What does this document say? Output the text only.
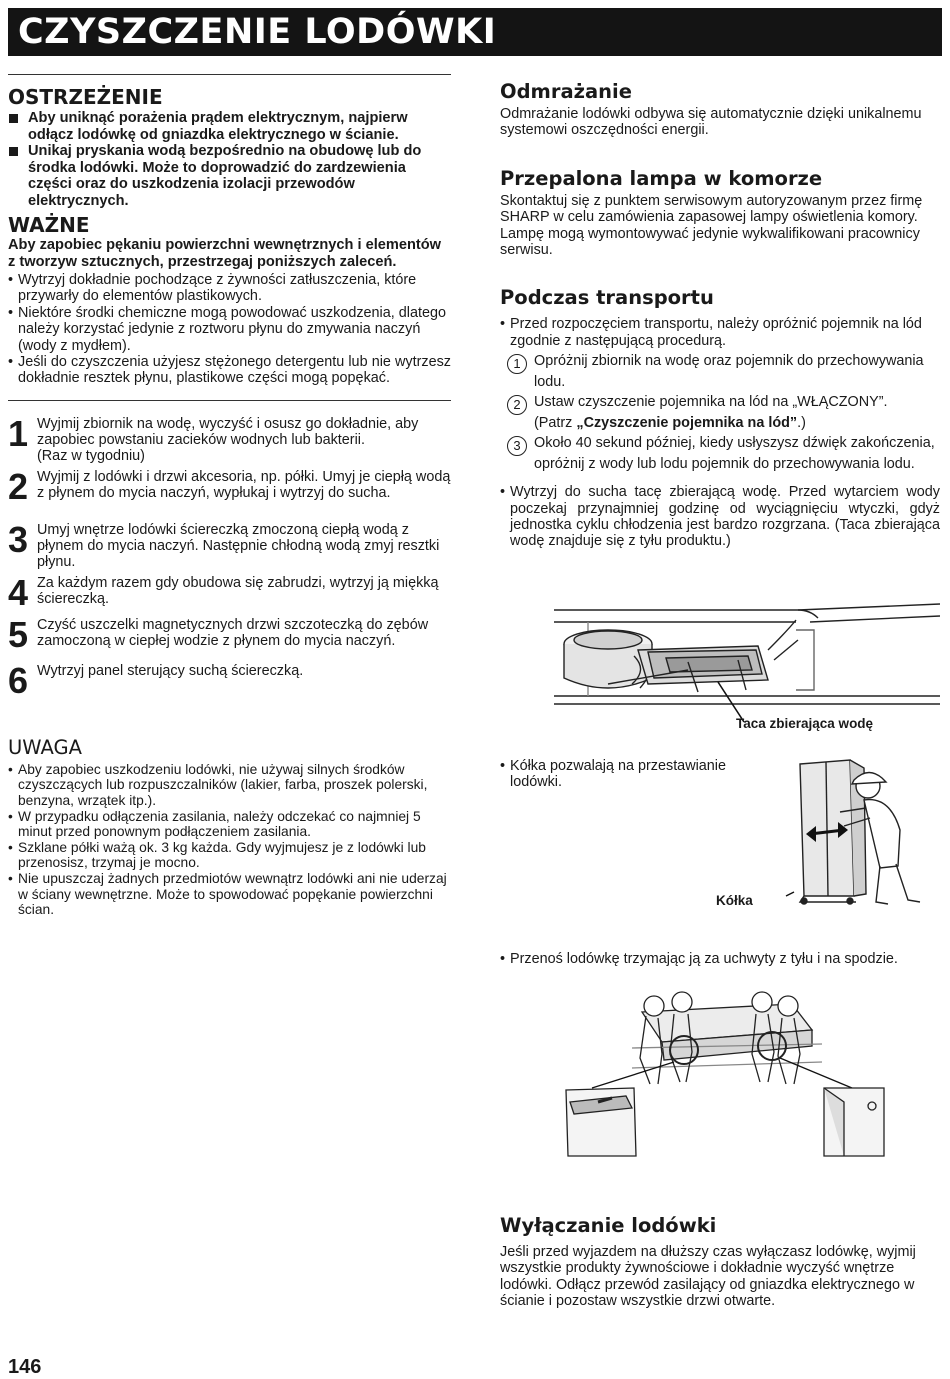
CZYSZCZENIE LODÓWKI
OSTRZEŻENIE
Aby uniknąć porażenia prądem elektrycznym, najpierw odłącz lodówkę od gniazdka elektrycznego w ścianie.
Unikaj pryskania wodą bezpośrednio na obudowę lub do środka lodówki. Może to doprowadzić do zardzewienia części oraz do uszkodzenia izolacji przewodów elektrycznych.
WAŻNE
Aby zapobiec pękaniu powierzchni wewnętrznych i elementów z tworzyw sztucznych, przestrzegaj poniższych zaleceń.
• Wytrzyj dokładnie pochodzące z żywności zatłuszczenia, które przywarły do elementów plastikowych.
• Niektóre środki chemiczne mogą powodować uszkodzenia, dlatego należy korzystać jedynie z roztworu płynu do zmywania naczyń (wody z mydłem).
• Jeśli do czyszczenia użyjesz stężonego detergentu lub nie wytrzesz dokładnie resztek płynu, plastikowe części mogą popękać.
1 Wyjmij zbiornik na wodę, wyczyść i osusz go dokładnie, aby zapobiec powstaniu zacieków wodnych lub bakterii.
(Raz w tygodniu)
2 Wyjmij z lodówki i drzwi akcesoria, np. półki. Umyj je ciepłą wodą z płynem do mycia naczyń, wypłukaj i wytrzyj do sucha.
3 Umyj wnętrze lodówki ściereczką zmoczoną ciepłą wodą z płynem do mycia naczyń. Następnie chłodną wodą zmyj resztki płynu.
4 Za każdym razem gdy obudowa się zabrudzi, wytrzyj ją miękką ściereczką.
5 Czyść uszczelki magnetycznych drzwi szczoteczką do zębów zamoczoną w ciepłej wodzie z płynem do mycia naczyń.
6 Wytrzyj panel sterujący suchą ściereczką.
UWAGA
• Aby zapobiec uszkodzeniu lodówki, nie używaj silnych środków czyszczących lub rozpuszczalników (lakier, farba, proszek polerski, benzyna, wrzątek itp.).
• W przypadku odłączenia zasilania, należy odczekać co najmniej 5 minut przed ponownym podłączeniem zasilania.
• Szklane półki ważą ok. 3 kg każda. Gdy wyjmujesz je z lodówki lub przenosisz, trzymaj je mocno.
• Nie upuszczaj żadnych przedmiotów wewnątrz lodówki ani nie uderzaj w ściany wewnętrzne. Może to spowodować popękanie powierzchni ścian.
Odmrażanie
Odmrażanie lodówki odbywa się automatycznie dzięki unikalnemu systemowi oszczędności energii.
Przepalona lampa w komorze
Skontaktuj się z punktem serwisowym autoryzowanym przez firmę SHARP w celu zamówienia zapasowej lampy oświetlenia komory. Lampę mogą wymontowywać jedynie wykwalifikowani pracownicy serwisu.
Podczas transportu
• Przed rozpoczęciem transportu, należy opróżnić pojemnik na lód zgodnie z następującą procedurą.
1 Opróżnij zbiornik na wodę oraz pojemnik do przechowywania lodu.
2 Ustaw czyszczenie pojemnika na lód na „WŁĄCZONY”.
(Patrz „Czyszczenie pojemnika na lód”.)
3 Około 40 sekund później, kiedy usłyszysz dźwięk zakończenia, opróżnij z wody lub lodu pojemnik do przechowywania lodu.
• Wytrzyj do sucha tacę zbierającą wodę. Przed wytarciem wody poczekaj przynajmniej godzinę od wyciągnięciu wtyczki, gdyż jednostka cyklu chłodzenia jest bardzo rozgrzana. (Taca zbierająca wodę znajduje się z tyłu produktu.)
Taca zbierająca wodę
• Kółka pozwalają na przestawianie lodówki.
Kółka
• Przenoś lodówkę trzymając ją za uchwyty z tyłu i na spodzie.
Wyłączanie lodówki
Jeśli przed wyjazdem na dłuższy czas wyłączasz lodówkę, wyjmij wszystkie produkty żywnościowe i dokładnie wyczyść wnętrze lodówki. Odłącz przewód zasilający od gniazdka elektrycznego w ścianie i pozostaw wszystkie drzwi otwarte.
146
